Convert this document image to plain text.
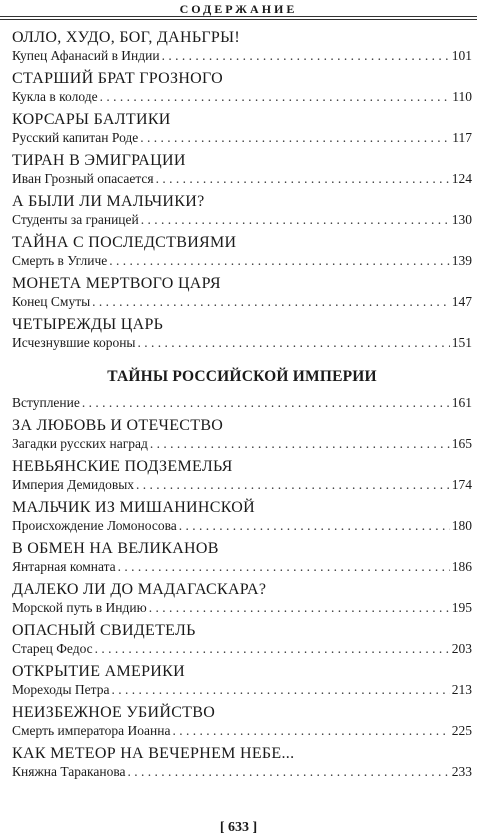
СОДЕРЖАНИЕ
ОЛЛО, ХУДО, БОГ, ДАНЬГРЫ!
Купец Афанасий в Индии . . .	101
СТАРШИЙ БРАТ ГРОЗНОГО
Кукла в колоде . . .	110
КОРСАРЫ БАЛТИКИ
Русский капитан Роде . . .	117
ТИРАН В ЭМИГРАЦИИ
Иван Грозный опасается . . .	124
А БЫЛИ ЛИ МАЛЬЧИКИ?
Студенты за границей . . .	130
ТАЙНА С ПОСЛЕДСТВИЯМИ
Смерть в Угличе . . .	139
МОНЕТА МЕРТВОГО ЦАРЯ
Конец Смуты . . .	147
ЧЕТЫРЕЖДЫ ЦАРЬ
Исчезнувшие короны . . .	151
ТАЙНЫ РОССИЙСКОЙ ИМПЕРИИ
Вступление . . .	161
ЗА ЛЮБОВЬ И ОТЕЧЕСТВО
Загадки русских наград . . .	165
НЕВЬЯНСКИЕ ПОДЗЕМЕЛЬЯ
Империя Демидовых . . .	174
МАЛЬЧИК ИЗ МИШАНИНСКОЙ
Происхождение Ломоносова . . .	180
В ОБМЕН НА ВЕЛИКАНОВ
Янтарная комната . . .	186
ДАЛЕКО ЛИ ДО МАДАГАСКАРА?
Морской путь в Индию . . .	195
ОПАСНЫЙ СВИДЕТЕЛЬ
Старец Федос . . .	203
ОТКРЫТИЕ АМЕРИКИ
Мореходы Петра . . .	213
НЕИЗБЕЖНОЕ УБИЙСТВО
Смерть императора Иоанна . . .	225
КАК МЕТЕОР НА ВЕЧЕРНЕМ НЕБЕ...
Княжна Тараканова . . .	233
[ 633 ]
